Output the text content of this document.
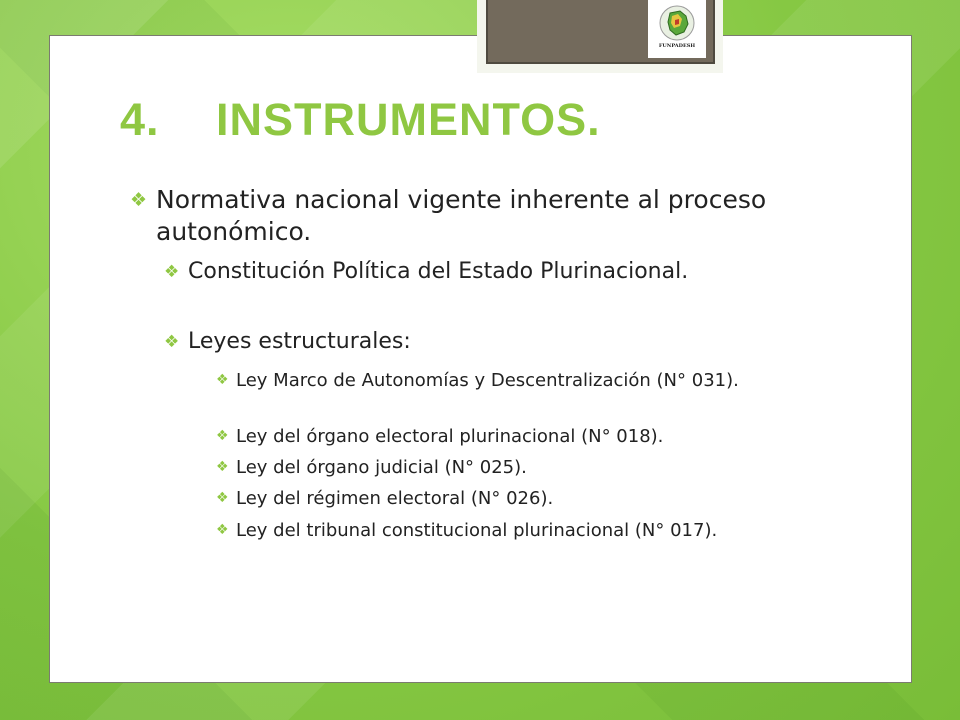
FUNPADESH
4. INSTRUMENTOS.
❖ Normativa nacional vigente inherente al proceso autonómico.
❖ Constitución Política del Estado Plurinacional.
❖ Leyes estructurales:
❖ Ley Marco de Autonomías y Descentralización (N° 031).
❖ Ley del órgano electoral plurinacional (N° 018).
❖ Ley del órgano judicial (N° 025).
❖ Ley del régimen electoral (N° 026).
❖ Ley del tribunal constitucional plurinacional (N° 017).
